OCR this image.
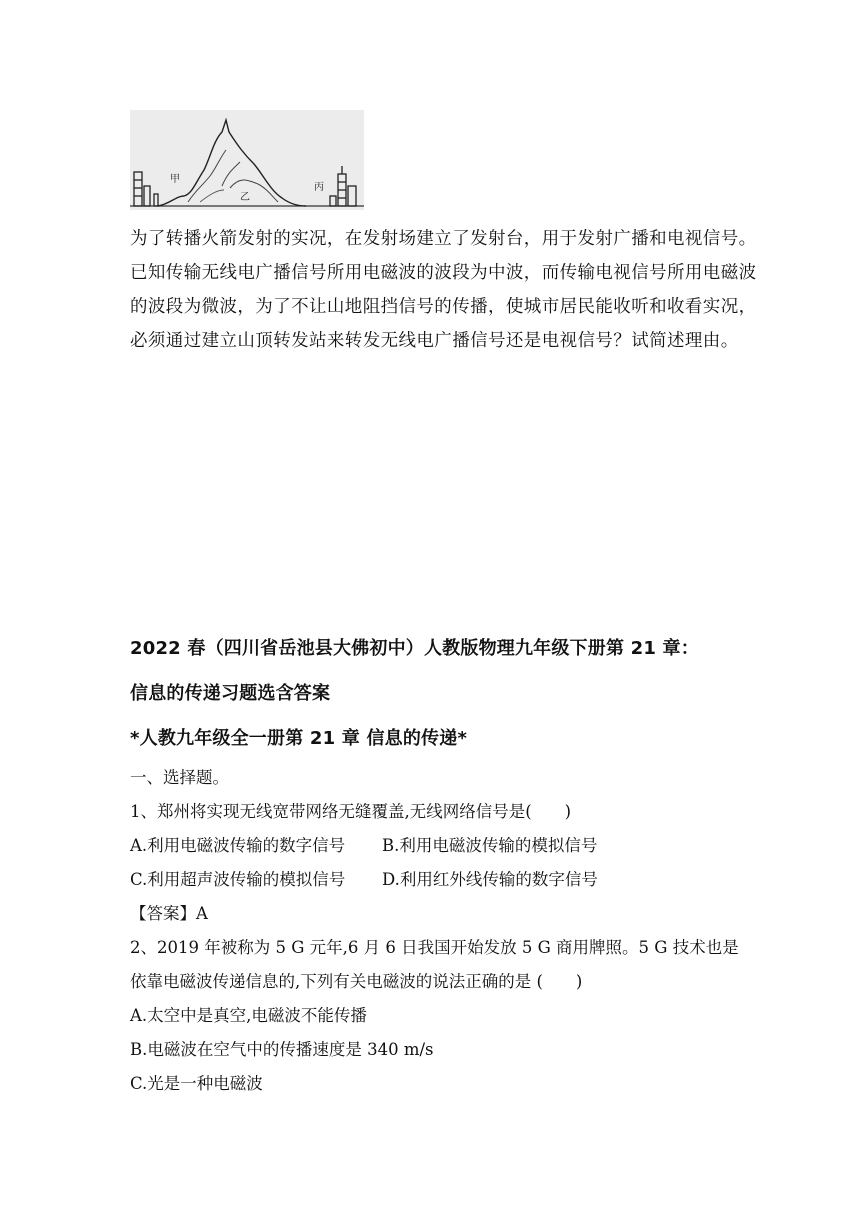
甲
乙
丙

为了转播火箭发射的实况，在发射场建立了发射台，用于发射广播和电视信号。

已知传输无线电广播信号所用电磁波的波段为中波，而传输电视信号所用电磁波

的波段为微波，为了不让山地阻挡信号的传播，使城市居民能收听和收看实况，

必须通过建立山顶转发站来转发无线电广播信号还是电视信号？试简述理由。

2022 春（四川省岳池县大佛初中）人教版物理九年级下册第 21 章：
信息的传递习题选含答案
*人教九年级全一册第 21 章 信息的传递*

一、选择题。

1、郑州将实现无线宽带网络无缝覆盖,无线网络信号是(　　)

A.利用电磁波传输的数字信号 B.利用电磁波传输的模拟信号

C.利用超声波传输的模拟信号 D.利用红外线传输的数字信号

【答案】A

2、2019 年被称为 5 G 元年,6 月 6 日我国开始发放 5 G 商用牌照。5 G 技术也是

依靠电磁波传递信息的,下列有关电磁波的说法正确的是 (　　)

A.太空中是真空,电磁波不能传播

B.电磁波在空气中的传播速度是 340 m/s

C.光是一种电磁波
